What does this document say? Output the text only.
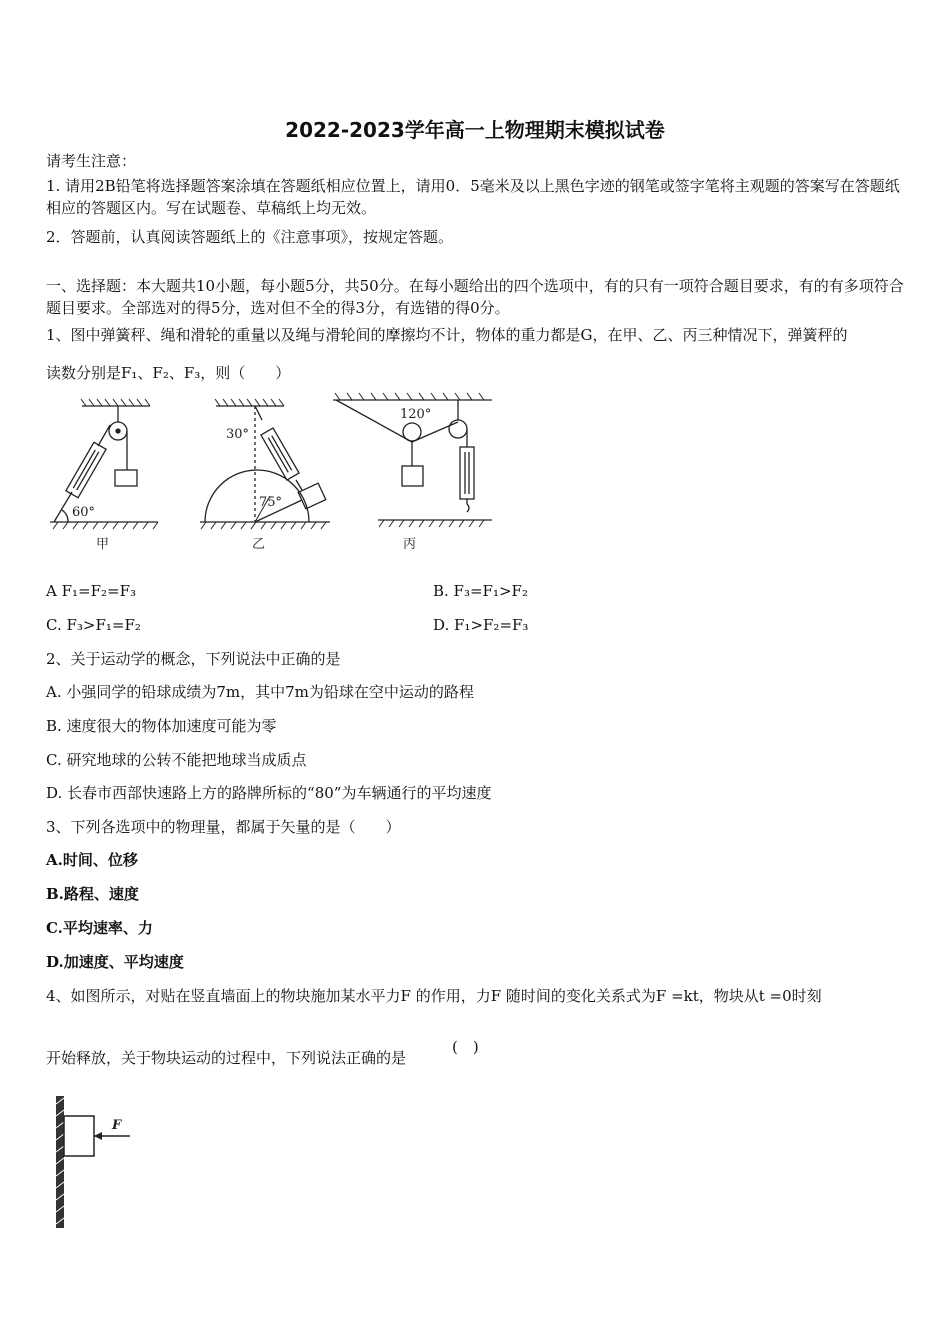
2022-2023学年高一上物理期末模拟试卷
请考生注意：
1. 请用2B铅笔将选择题答案涂填在答题纸相应位置上，请用0．5毫米及以上黑色字迹的钢笔或签字笔将主观题的答案写在答题纸相应的答题区内。写在试题卷、草稿纸上均无效。
2．答题前，认真阅读答题纸上的《注意事项》，按规定答题。
一、选择题：本大题共10小题，每小题5分，共50分。在每小题给出的四个选项中，有的只有一项符合题目要求，有的有多项符合题目要求。全部选对的得5分，选对但不全的得3分，有选错的得0分。
1、图中弹簧秤、绳和滑轮的重量以及绳与滑轮间的摩擦均不计，物体的重力都是G，在甲、乙、丙三种情况下，弹簧秤的
读数分别是F₁、F₂、F₃，则（　　）
60°
30°
75°
120°
甲	乙	丙
A F₁=F₂=F₃	B. F₃=F₁>F₂
C. F₃>F₁=F₂	D. F₁>F₂=F₃
2、关于运动学的概念，下列说法中正确的是
A. 小强同学的铅球成绩为7m，其中7m为铅球在空中运动的路程
B. 速度很大的物体加速度可能为零
C. 研究地球的公转不能把地球当成质点
D. 长春市西部快速路上方的路牌所标的“80”为车辆通行的平均速度
3、下列各选项中的物理量，都属于矢量的是（　　）
A.时间、位移
B.路程、速度
C.平均速率、力
D.加速度、平均速度
4、如图所示，对贴在竖直墙面上的物块施加某水平力F 的作用，力F 随时间的变化关系式为F =kt，物块从t =0时刻
开始释放，关于物块运动的过程中，下列说法正确的是
(　)
F
